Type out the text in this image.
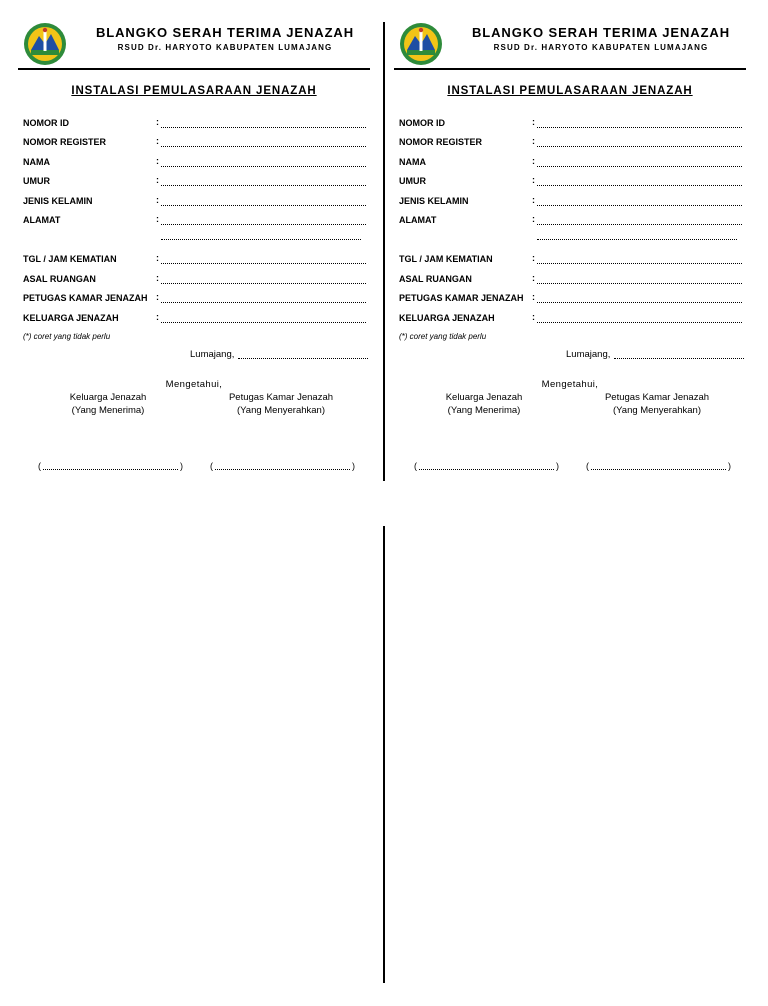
BLANGKO SERAH TERIMA JENAZAH
RSUD Dr. HARYOTO KABUPATEN LUMAJANG
INSTALASI PEMULASARAAN JENAZAH
NOMOR ID	:
NOMOR REGISTER	:
NAMA	:
UMUR	:
JENIS KELAMIN	:
ALAMAT	:
TGL / JAM KEMATIAN	:
ASAL RUANGAN	:
PETUGAS KAMAR JENAZAH :
KELUARGA JENAZAH	:
(*) coret yang tidak perlu
Lumajang,
Mengetahui,
Keluarga Jenazah
(Yang Menerima)
Petugas Kamar Jenazah
(Yang Menyerahkan)
(	)	(	)
BLANGKO SERAH TERIMA JENAZAH
RSUD Dr. HARYOTO KABUPATEN LUMAJANG
INSTALASI PEMULASARAAN JENAZAH
NOMOR ID	:
NOMOR REGISTER	:
NAMA	:
UMUR	:
JENIS KELAMIN	:
ALAMAT	:
TGL / JAM KEMATIAN	:
ASAL RUANGAN	:
PETUGAS KAMAR JENAZAH :
KELUARGA JENAZAH	:
(*) coret yang tidak perlu
Lumajang,
Mengetahui,
Keluarga Jenazah
(Yang Menerima)
Petugas Kamar Jenazah
(Yang Menyerahkan)
(	)	(	)
